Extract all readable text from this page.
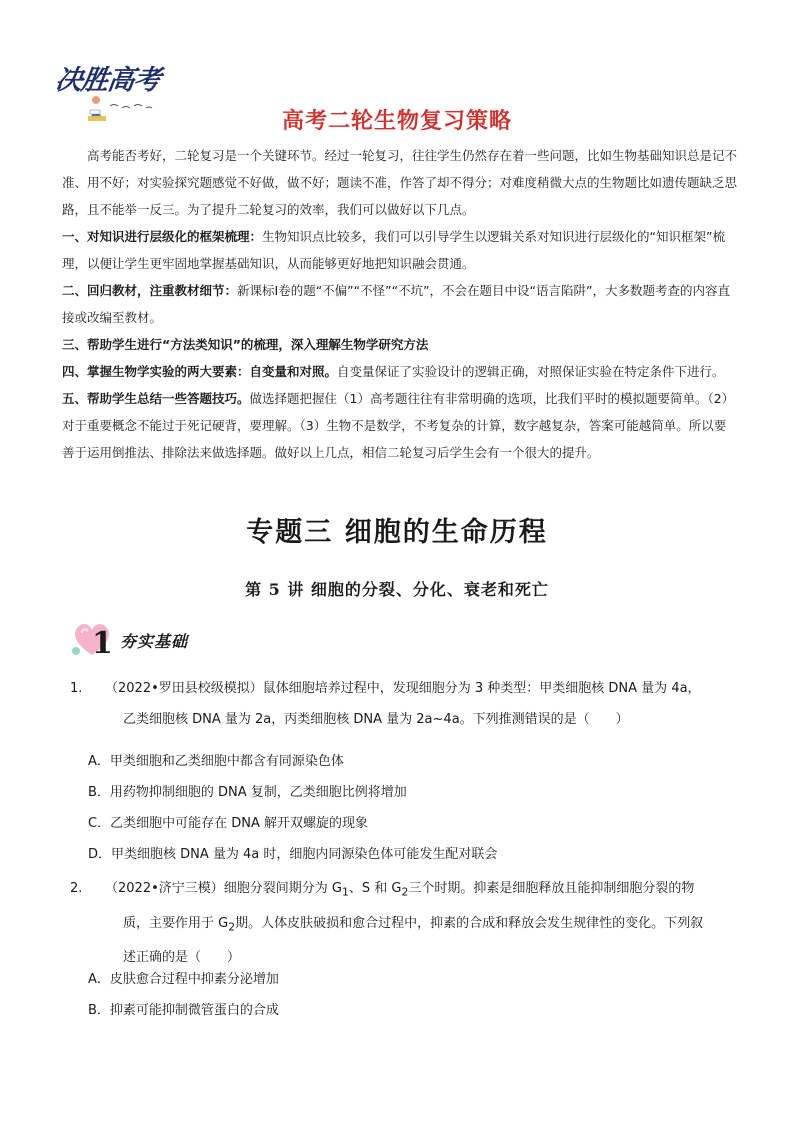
决胜高考
高考二轮生物复习策略

高考能否考好，二轮复习是一个关键环节。经过一轮复习，往往学生仍然存在着一些问题，比如生物基础知识总是记不准、用不好；对实验探究题感觉不好做，做不好；题读不准，作答了却不得分；对难度稍微大点的生物题比如遗传题缺乏思路，且不能举一反三。为了提升二轮复习的效率，我们可以做好以下几点。

一、对知识进行层级化的框架梳理：生物知识点比较多，我们可以引导学生以逻辑关系对知识进行层级化的“知识框架”梳理，以便让学生更牢固地掌握基础知识，从而能够更好地把知识融会贯通。

二、回归教材，注重教材细节：新课标Ⅰ卷的题“不偏”“不怪”“不坑”，不会在题目中设“语言陷阱”，大多数题考查的内容直接或改编至教材。

三、帮助学生进行“方法类知识”的梳理，深入理解生物学研究方法

四、掌握生物学实验的两大要素：自变量和对照。自变量保证了实验设计的逻辑正确，对照保证实验在特定条件下进行。

五、帮助学生总结一些答题技巧。做选择题把握住（1）高考题往往有非常明确的选项，比我们平时的模拟题要简单。（2）对于重要概念不能过于死记硬背，要理解。（3）生物不是数学，不考复杂的计算，数字越复杂，答案可能越简单。所以要善于运用倒推法、排除法来做选择题。做好以上几点，相信二轮复习后学生会有一个很大的提升。

专题三 细胞的生命历程
第 5 讲 细胞的分裂、分化、衰老和死亡
1 夯实基础
1. （2022•罗田县校级模拟）鼠体细胞培养过程中，发现细胞分为 3 种类型：甲类细胞核 DNA 量为 4a，
乙类细胞核 DNA 量为 2a，丙类细胞核 DNA 量为 2a~4a。下列推测错误的是（　　）
A．甲类细胞和乙类细胞中都含有同源染色体
B．用药物抑制细胞的 DNA 复制，乙类细胞比例将增加
C．乙类细胞中可能存在 DNA 解开双螺旋的现象
D．甲类细胞核 DNA 量为 4a 时，细胞内同源染色体可能发生配对联会
2. （2022•济宁三模）细胞分裂间期分为 $G_1$、S 和 $G_2$三个时期。抑素是细胞释放且能抑制细胞分裂的物
质，主要作用于 $G_2$期。人体皮肤破损和愈合过程中，抑素的合成和释放会发生规律性的变化。下列叙
述正确的是（　　）
A．皮肤愈合过程中抑素分泌增加
B．抑素可能抑制微管蛋白的合成
